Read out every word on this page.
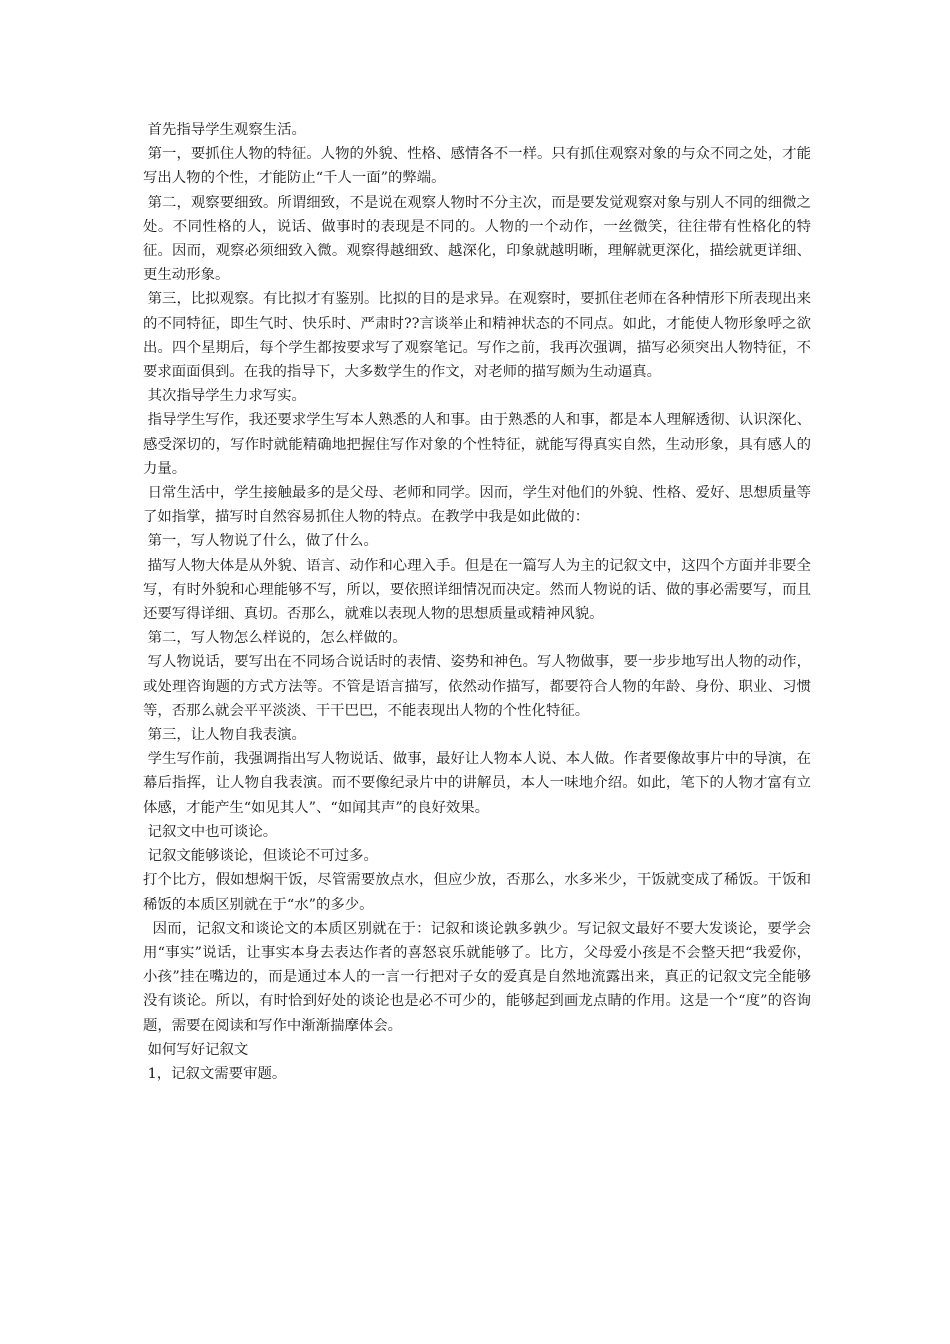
首先指导学生观察生活。

第一，要抓住人物的特征。人物的外貌、性格、感情各不一样。只有抓住观察对象的与众不同之处，才能写出人物的个性，才能防止“千人一面”的弊端。

第二，观察要细致。所谓细致，不是说在观察人物时不分主次，而是要发觉观察对象与别人不同的细微之处。不同性格的人，说话、做事时的表现是不同的。人物的一个动作，一丝微笑，往往带有性格化的特征。因而，观察必须细致入微。观察得越细致、越深化，印象就越明晰，理解就更深化，描绘就更详细、更生动形象。

第三，比拟观察。有比拟才有鉴别。比拟的目的是求异。在观察时，要抓住老师在各种情形下所表现出来的不同特征，即生气时、快乐时、严肃时??言谈举止和精神状态的不同点。如此，才能使人物形象呼之欲出。四个星期后，每个学生都按要求写了观察笔记。写作之前，我再次强调，描写必须突出人物特征，不要求面面俱到。在我的指导下，大多数学生的作文，对老师的描写颇为生动逼真。

其次指导学生力求写实。

指导学生写作，我还要求学生写本人熟悉的人和事。由于熟悉的人和事，都是本人理解透彻、认识深化、感受深切的，写作时就能精确地把握住写作对象的个性特征，就能写得真实自然，生动形象，具有感人的力量。

日常生活中，学生接触最多的是父母、老师和同学。因而，学生对他们的外貌、性格、爱好、思想质量等了如指掌，描写时自然容易抓住人物的特点。在教学中我是如此做的：

第一，写人物说了什么，做了什么。

描写人物大体是从外貌、语言、动作和心理入手。但是在一篇写人为主的记叙文中，这四个方面并非要全写，有时外貌和心理能够不写，所以，要依照详细情况而决定。然而人物说的话、做的事必需要写，而且还要写得详细、真切。否那么，就难以表现人物的思想质量或精神风貌。

第二，写人物怎么样说的，怎么样做的。

写人物说话，要写出在不同场合说话时的表情、姿势和神色。写人物做事，要一步步地写出人物的动作，或处理咨询题的方式方法等。不管是语言描写，依然动作描写，都要符合人物的年龄、身份、职业、习惯等，否那么就会平平淡淡、干干巴巴，不能表现出人物的个性化特征。

第三，让人物自我表演。

学生写作前，我强调指出写人物说话、做事，最好让人物本人说、本人做。作者要像故事片中的导演，在幕后指挥，让人物自我表演。而不要像纪录片中的讲解员，本人一味地介绍。如此，笔下的人物才富有立体感，才能产生“如见其人”、“如闻其声”的良好效果。

记叙文中也可谈论。

记叙文能够谈论，但谈论不可过多。

打个比方，假如想焖干饭，尽管需要放点水，但应少放，否那么，水多米少，干饭就变成了稀饭。干饭和稀饭的本质区别就在于“水”的多少。

因而，记叙文和谈论文的本质区别就在于：记叙和谈论孰多孰少。写记叙文最好不要大发谈论，要学会用“事实”说话，让事实本身去表达作者的喜怒哀乐就能够了。比方，父母爱小孩是不会整天把“我爱你，小孩”挂在嘴边的，而是通过本人的一言一行把对子女的爱真是自然地流露出来，真正的记叙文完全能够没有谈论。所以，有时恰到好处的谈论也是必不可少的，能够起到画龙点睛的作用。这是一个“度”的咨询题，需要在阅读和写作中渐渐揣摩体会。

如何写好记叙文

1，记叙文需要审题。
